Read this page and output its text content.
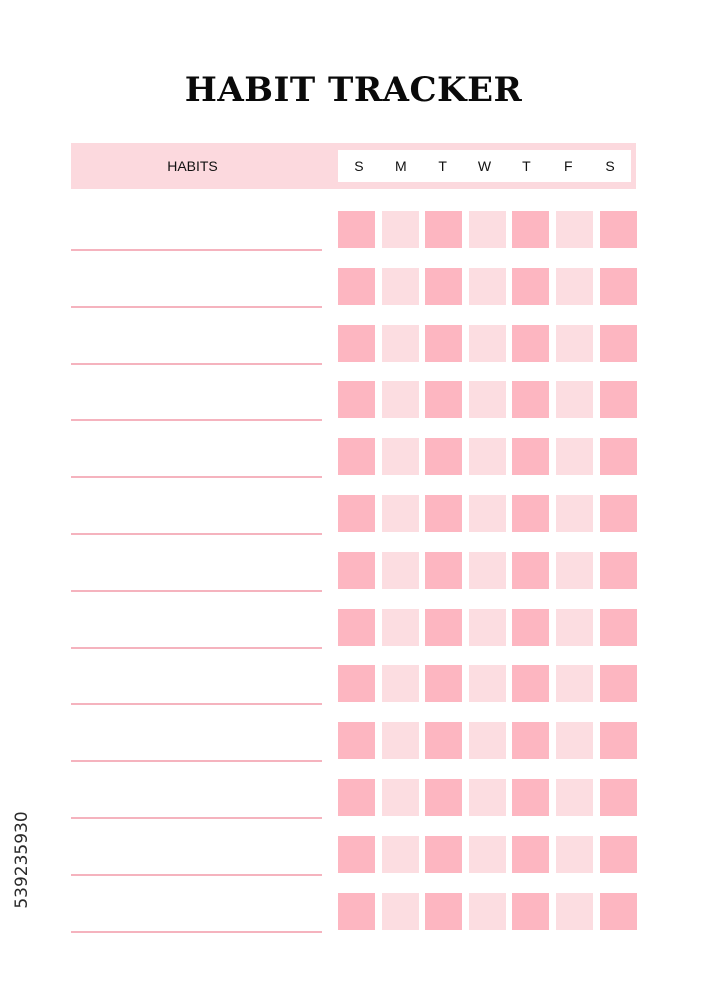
HABIT TRACKER
HABITS	S	M	T	W	T	F	S
539235930
